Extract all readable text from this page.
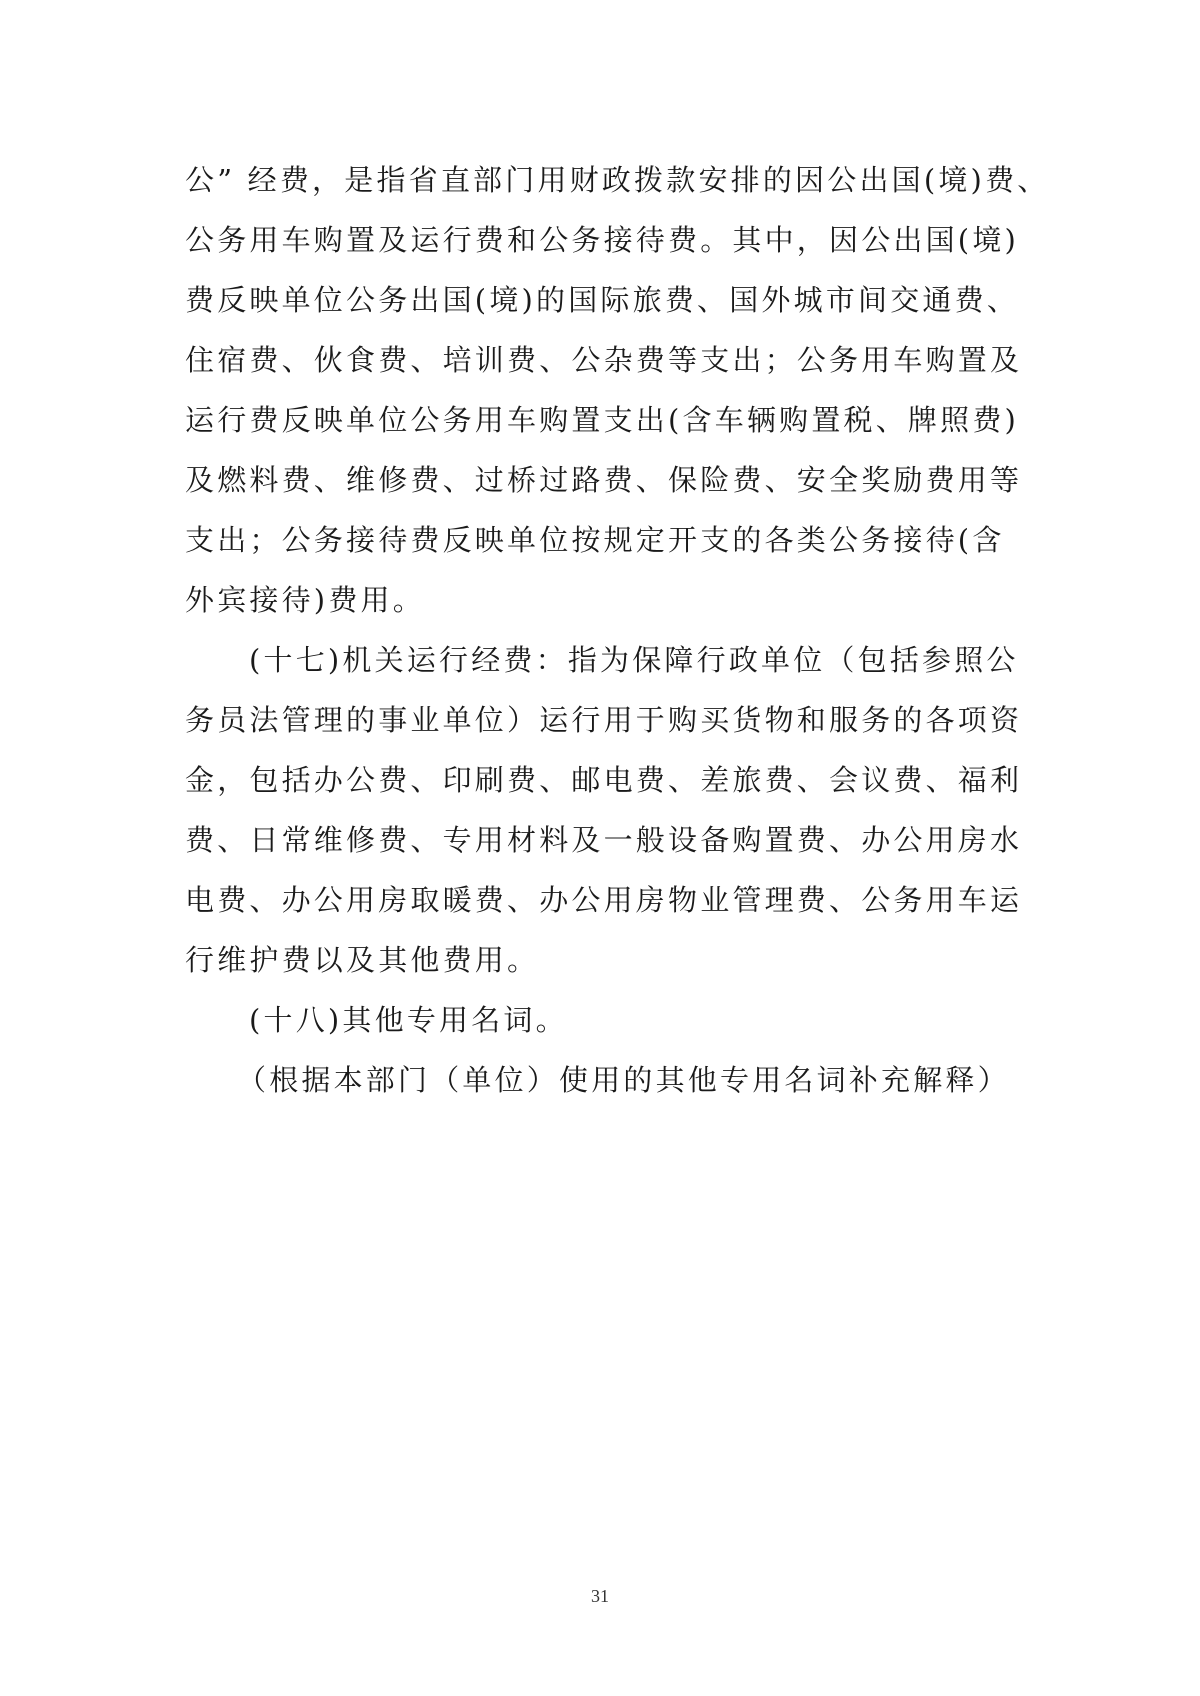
公” 经费，是指省直部门用财政拨款安排的因公出国(境)费、
公务用车购置及运行费和公务接待费。其中，因公出国(境)
费反映单位公务出国(境)的国际旅费、国外城市间交通费、
住宿费、伙食费、培训费、公杂费等支出；公务用车购置及
运行费反映单位公务用车购置支出(含车辆购置税、牌照费)
及燃料费、维修费、过桥过路费、保险费、安全奖励费用等
支出；公务接待费反映单位按规定开支的各类公务接待(含
外宾接待)费用。
(十七)机关运行经费：指为保障行政单位（包括参照公
务员法管理的事业单位）运行用于购买货物和服务的各项资
金，包括办公费、印刷费、邮电费、差旅费、会议费、福利
费、日常维修费、专用材料及一般设备购置费、办公用房水
电费、办公用房取暖费、办公用房物业管理费、公务用车运
行维护费以及其他费用。
(十八)其他专用名词。
（根据本部门（单位）使用的其他专用名词补充解释）
31
